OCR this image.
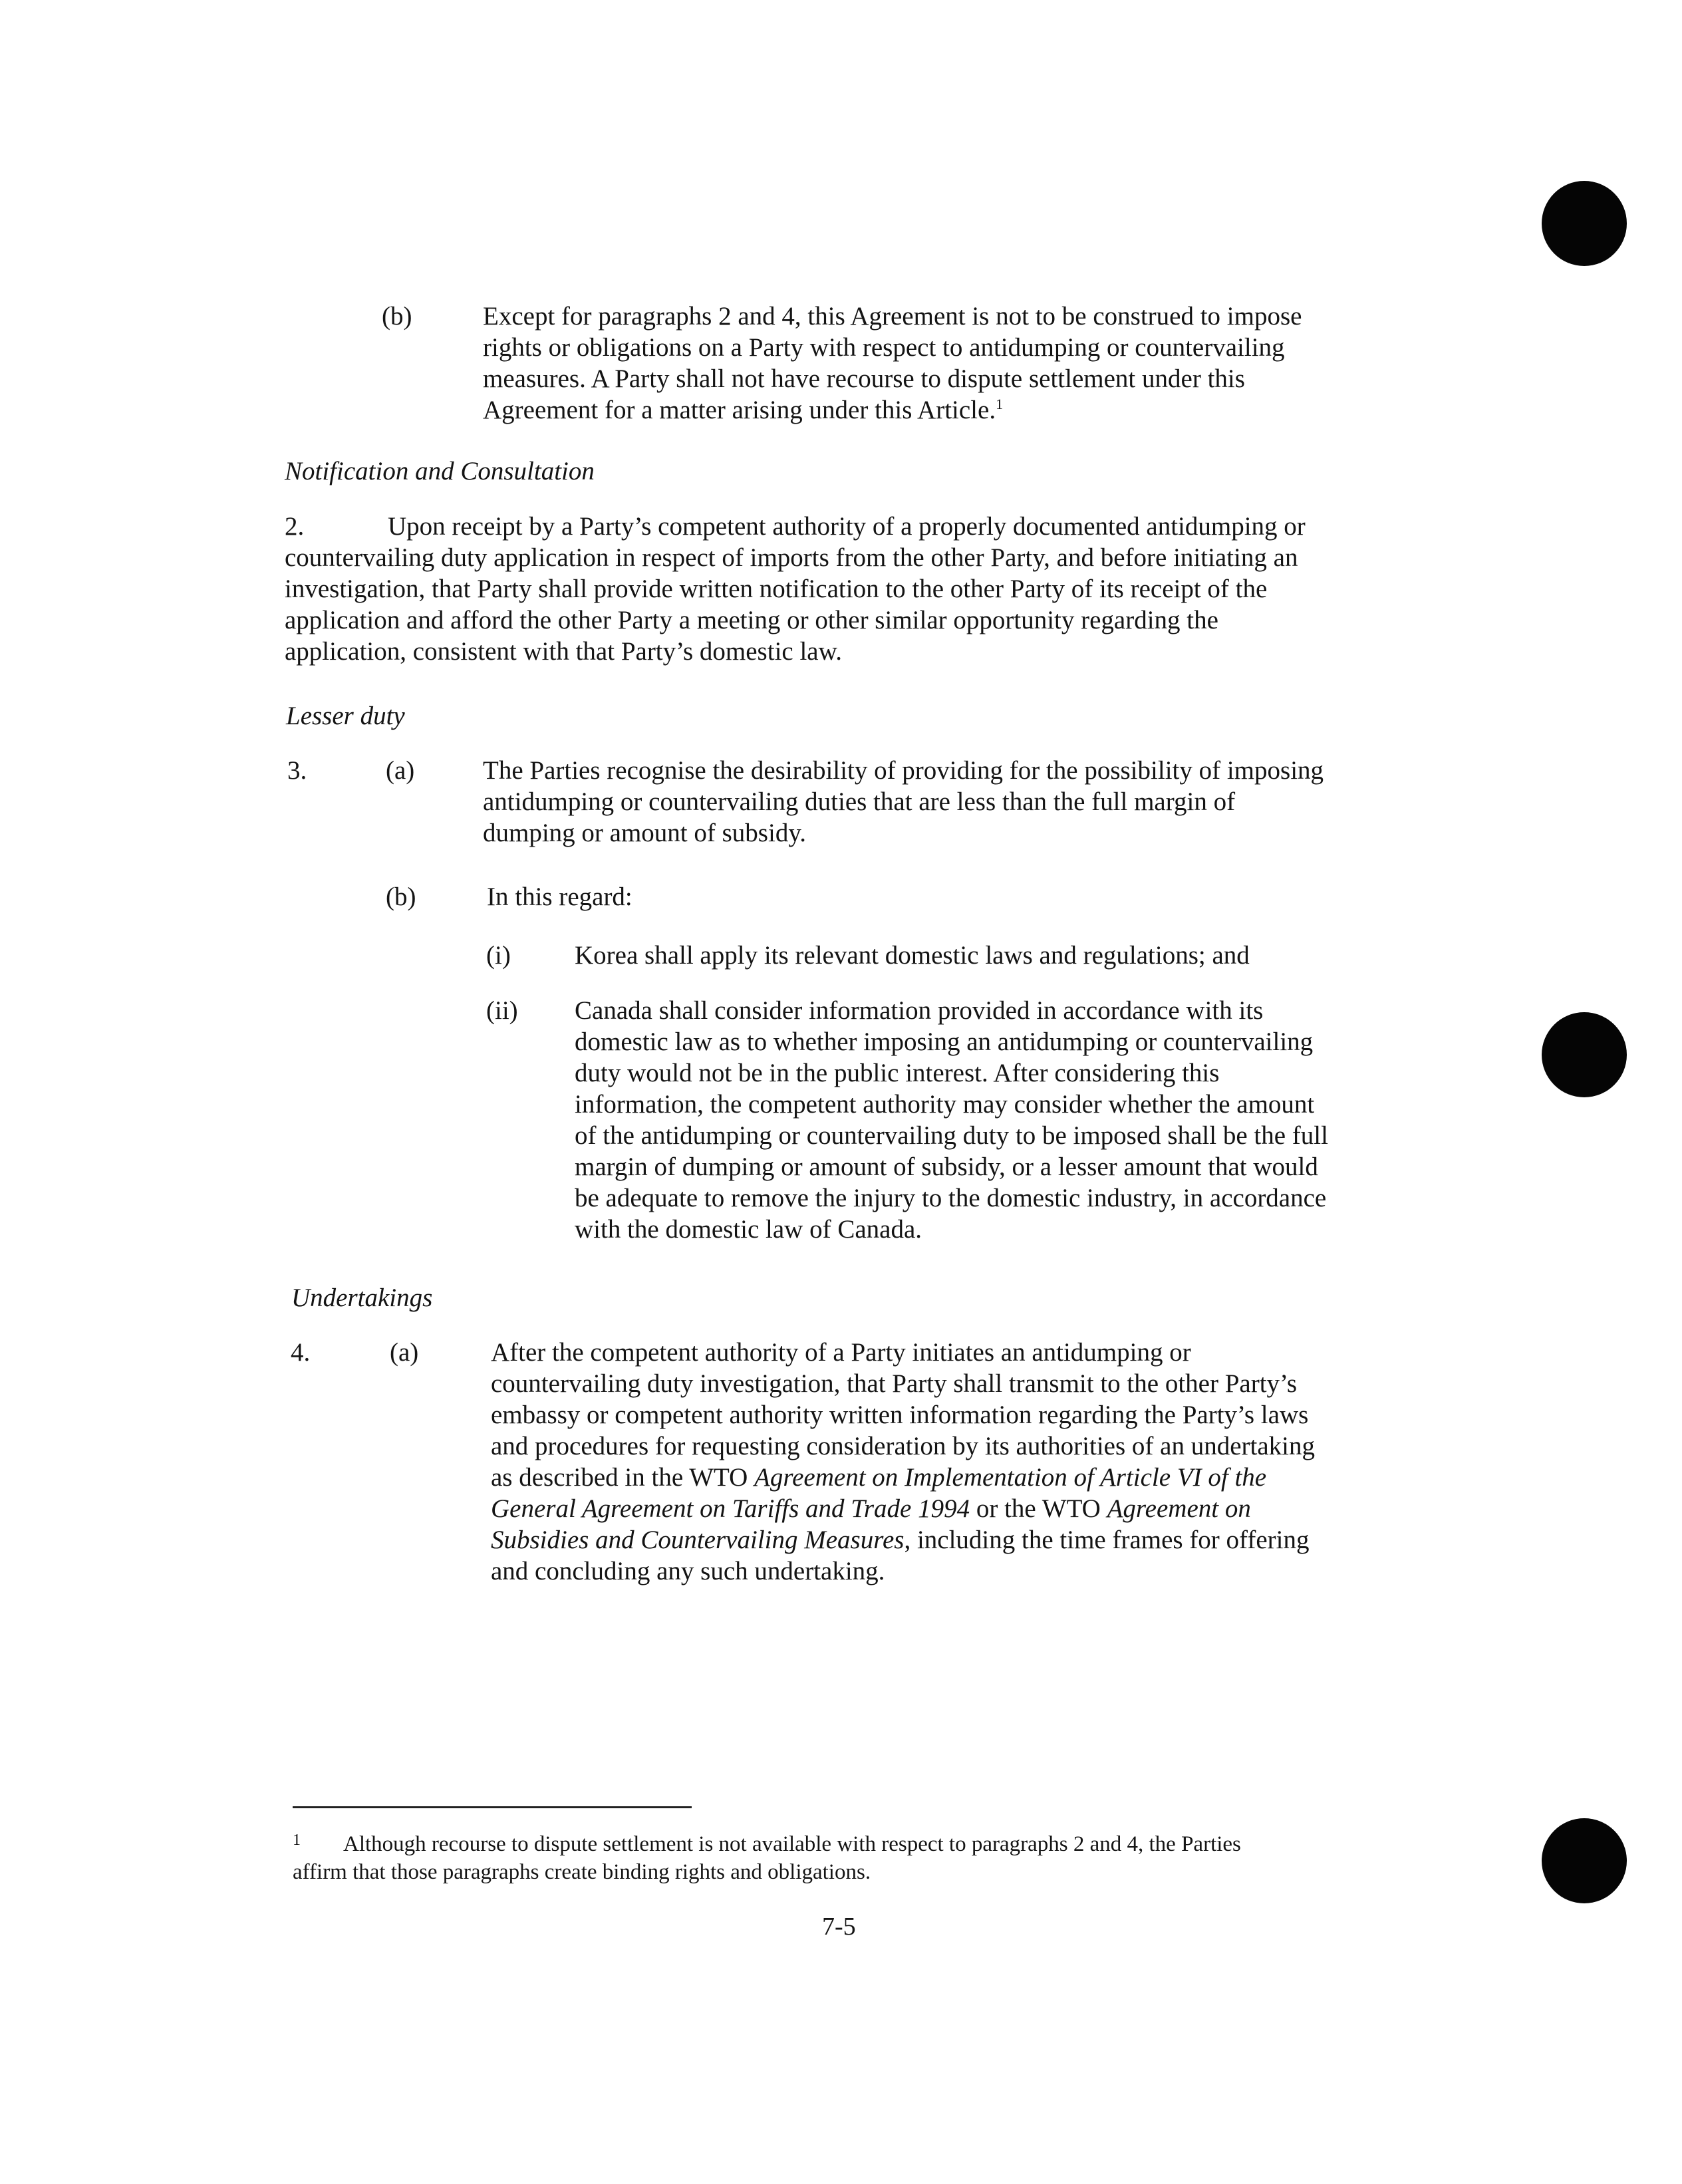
(b)	Except for paragraphs 2 and 4, this Agreement is not to be construed to impose
rights or obligations on a Party with respect to antidumping or countervailing
measures. A Party shall not have recourse to dispute settlement under this
Agreement for a matter arising under this Article.$^1$
Notification and Consultation
2.	Upon receipt by a Party’s competent authority of a properly documented antidumping or
countervailing duty application in respect of imports from the other Party, and before initiating an
investigation, that Party shall provide written notification to the other Party of its receipt of the
application and afford the other Party a meeting or other similar opportunity regarding the
application, consistent with that Party’s domestic law.
Lesser duty
3.	(a)	The Parties recognise the desirability of providing for the possibility of imposing
antidumping or countervailing duties that are less than the full margin of
dumping or amount of subsidy.
(b)	In this regard:
(i) Korea shall apply its relevant domestic laws and regulations; and
(ii) Canada shall consider information provided in accordance with its
domestic law as to whether imposing an antidumping or countervailing
duty would not be in the public interest. After considering this
information, the competent authority may consider whether the amount
of the antidumping or countervailing duty to be imposed shall be the full
margin of dumping or amount of subsidy, or a lesser amount that would
be adequate to remove the injury to the domestic industry, in accordance
with the domestic law of Canada.
Undertakings
4.	(a)	After the competent authority of a Party initiates an antidumping or
countervailing duty investigation, that Party shall transmit to the other Party’s
embassy or competent authority written information regarding the Party’s laws
and procedures for requesting consideration by its authorities of an undertaking
as described in the WTO Agreement on Implementation of Article VI of the
General Agreement on Tariffs and Trade 1994 or the WTO Agreement on
Subsidies and Countervailing Measures, including the time frames for offering
and concluding any such undertaking.
1 Although recourse to dispute settlement is not available with respect to paragraphs 2 and 4, the Parties
affirm that those paragraphs create binding rights and obligations.
7-5
